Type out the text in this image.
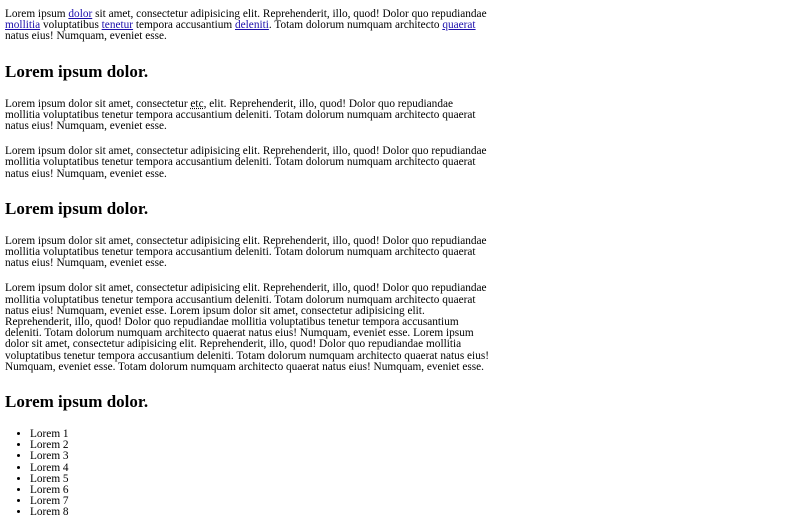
Lorem ipsum dolor sit amet, consectetur adipisicing elit. Reprehenderit, illo, quod! Dolor quo repudiandae mollitia voluptatibus tenetur tempora accusantium deleniti. Totam dolorum numquam architecto quaerat natus eius! Numquam, eveniet esse.

Lorem ipsum dolor.

Lorem ipsum dolor sit amet, consectetur etc, elit. Reprehenderit, illo, quod! Dolor quo repudiandae mollitia voluptatibus tenetur tempora accusantium deleniti. Totam dolorum numquam architecto quaerat natus eius! Numquam, eveniet esse.

Lorem ipsum dolor sit amet, consectetur adipisicing elit. Reprehenderit, illo, quod! Dolor quo repudiandae mollitia voluptatibus tenetur tempora accusantium deleniti. Totam dolorum numquam architecto quaerat natus eius! Numquam, eveniet esse.

Lorem ipsum dolor.

Lorem ipsum dolor sit amet, consectetur adipisicing elit. Reprehenderit, illo, quod! Dolor quo repudiandae mollitia voluptatibus tenetur tempora accusantium deleniti. Totam dolorum numquam architecto quaerat natus eius! Numquam, eveniet esse.

Lorem ipsum dolor sit amet, consectetur adipisicing elit. Reprehenderit, illo, quod! Dolor quo repudiandae mollitia voluptatibus tenetur tempora accusantium deleniti. Totam dolorum numquam architecto quaerat natus eius! Numquam, eveniet esse. Lorem ipsum dolor sit amet, consectetur adipisicing elit. Reprehenderit, illo, quod! Dolor quo repudiandae mollitia voluptatibus tenetur tempora accusantium deleniti. Totam dolorum numquam architecto quaerat natus eius! Numquam, eveniet esse. Lorem ipsum dolor sit amet, consectetur adipisicing elit. Reprehenderit, illo, quod! Dolor quo repudiandae mollitia voluptatibus tenetur tempora accusantium deleniti. Totam dolorum numquam architecto quaerat natus eius! Numquam, eveniet esse. Totam dolorum numquam architecto quaerat natus eius! Numquam, eveniet esse.

Lorem ipsum dolor.
• Lorem 1
• Lorem 2
• Lorem 3
• Lorem 4
• Lorem 5
• Lorem 6
• Lorem 7
• Lorem 8
